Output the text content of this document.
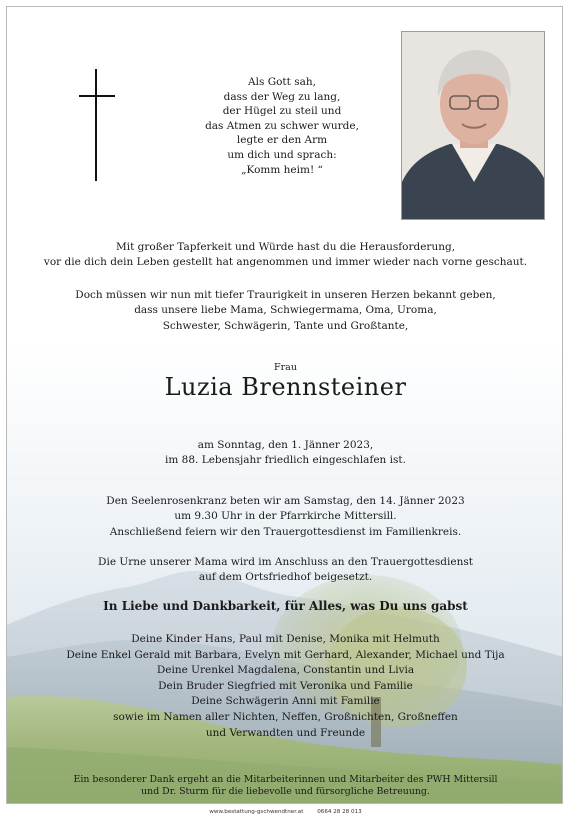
Als Gott sah,
dass der Weg zu lang,
der Hügel zu steil und
das Atmen zu schwer wurde,
legte er den Arm
um dich und sprach:
„Komm heim! “
Mit großer Tapferkeit und Würde hast du die Herausforderung,
vor die dich dein Leben gestellt hat angenommen und immer wieder nach vorne geschaut.
Doch müssen wir nun mit tiefer Traurigkeit in unseren Herzen bekannt geben,
dass unsere liebe Mama, Schwiegermama, Oma, Uroma,
Schwester, Schwägerin, Tante und Großtante,
Frau
Luzia Brennsteiner
am Sonntag, den 1. Jänner 2023,
im 88. Lebensjahr friedlich eingeschlafen ist.
Den Seelenrosenkranz beten wir am Samstag, den 14. Jänner 2023
um 9.30 Uhr in der Pfarrkirche Mittersill.
Anschließend feiern wir den Trauergottesdienst im Familienkreis.
Die Urne unserer Mama wird im Anschluss an den Trauergottesdienst
auf dem Ortsfriedhof beigesetzt.
In Liebe und Dankbarkeit, für Alles, was Du uns gabst
Deine Kinder Hans, Paul mit Denise, Monika mit Helmuth
Deine Enkel Gerald mit Barbara, Evelyn mit Gerhard, Alexander, Michael und Tija
Deine Urenkel Magdalena, Constantin und Livia
Dein Bruder Siegfried mit Veronika und Familie
Deine Schwägerin Anni mit Familie
sowie im Namen aller Nichten, Neffen, Großnichten, Großneffen
und Verwandten und Freunde
Ein besonderer Dank ergeht an die Mitarbeiterinnen und Mitarbeiter des PWH Mittersill
und Dr. Sturm für die liebevolle und fürsorgliche Betreuung.
www.bestattung-gschwendtner.at 0664 28 28 013
